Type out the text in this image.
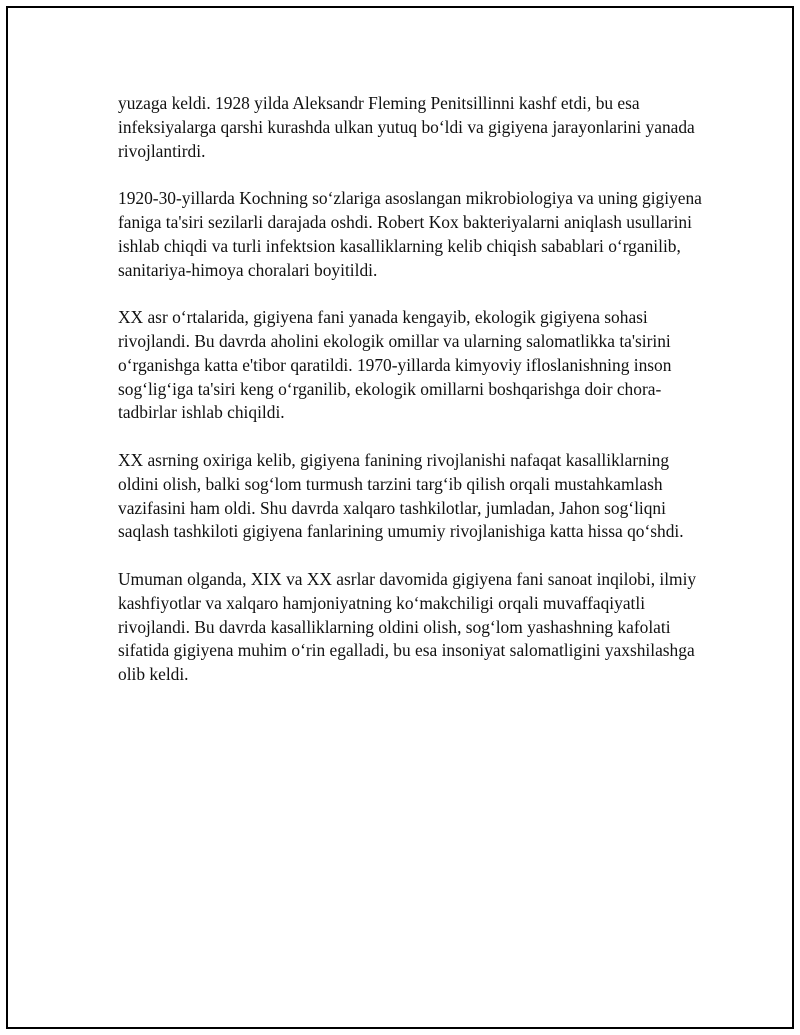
yuzaga keldi. 1928 yilda Aleksandr Fleming Penitsillinni kashf etdi, bu esa infeksiyalarga qarshi kurashda ulkan yutuq bo‘ldi va gigiyena jarayonlarini yanada rivojlantirdi.

1920-30-yillarda Kochning so‘zlariga asoslangan mikrobiologiya va uning gigiyena faniga ta'siri sezilarli darajada oshdi. Robert Kox bakteriyalarni aniqlash usullarini ishlab chiqdi va turli infektsion kasalliklarning kelib chiqish sabablari o‘rganilib, sanitariya-himoya choralari boyitildi.

XX asr o‘rtalarida, gigiyena fani yanada kengayib, ekologik gigiyena sohasi rivojlandi. Bu davrda aholini ekologik omillar va ularning salomatlikka ta'sirini o‘rganishga katta e'tibor qaratildi. 1970-yillarda kimyoviy ifloslanishning inson sog‘lig‘iga ta'siri keng o‘rganilib, ekologik omillarni boshqarishga doir chora-tadbirlar ishlab chiqildi.

XX asrning oxiriga kelib, gigiyena fanining rivojlanishi nafaqat kasalliklarning oldini olish, balki sog‘lom turmush tarzini targ‘ib qilish orqali mustahkamlash vazifasini ham oldi. Shu davrda xalqaro tashkilotlar, jumladan, Jahon sog‘liqni saqlash tashkiloti gigiyena fanlarining umumiy rivojlanishiga katta hissa qo‘shdi.

Umuman olganda, XIX va XX asrlar davomida gigiyena fani sanoat inqilobi, ilmiy kashfiyotlar va xalqaro hamjoniyatning ko‘makchiligi orqali muvaffaqiyatli rivojlandi. Bu davrda kasalliklarning oldini olish, sog‘lom yashashning kafolati sifatida gigiyena muhim o‘rin egalladi, bu esa insoniyat salomatligini yaxshilashga olib keldi.
